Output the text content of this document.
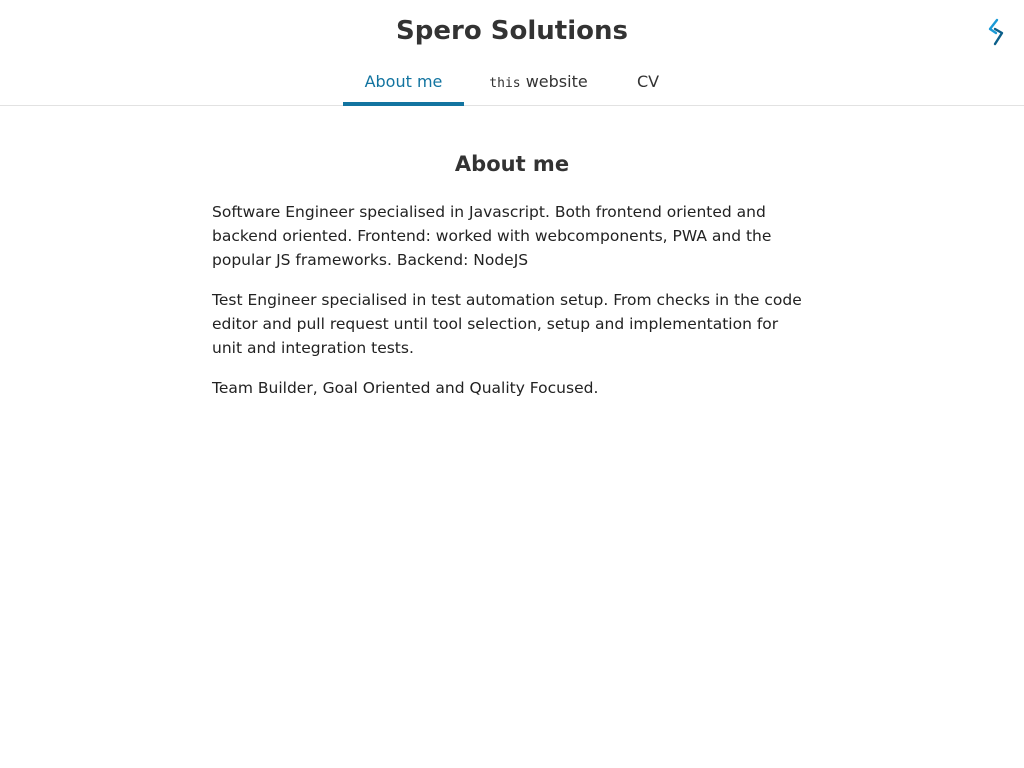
Spero Solutions
About me	this website	CV
About me

Software Engineer specialised in Javascript. Both frontend oriented and backend oriented. Frontend: worked with webcomponents, PWA and the popular JS frameworks. Backend: NodeJS

Test Engineer specialised in test automation setup. From checks in the code editor and pull request until tool selection, setup and implementation for unit and integration tests.

Team Builder, Goal Oriented and Quality Focused.
